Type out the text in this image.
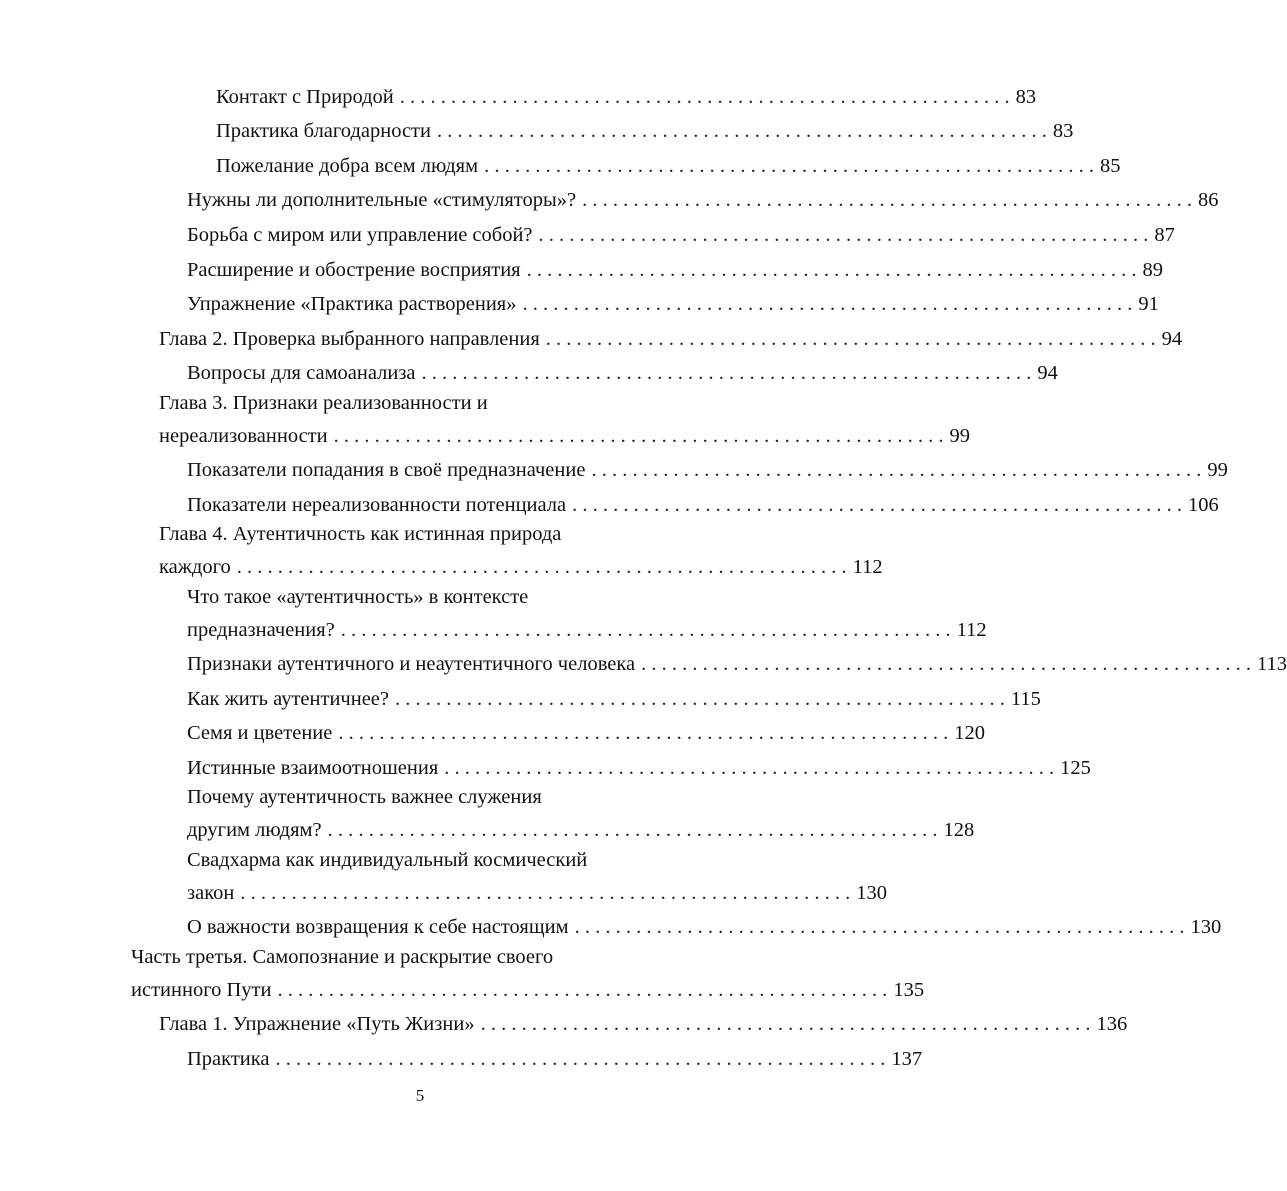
Контакт с Природой . . . . . . . . . . . . . . . . . . . . . . . . . . . . . . . . . . . . . . . . . . . . . . . . . . . . . . . . . . . . 83
Практика благодарности . . . . . . . . . . . . . . . . . . . . . . . . . . . . . . . . . . . . . . . . . . . . . . . . . . . . . . . . . . . . 83
Пожелание добра всем людям . . . . . . . . . . . . . . . . . . . . . . . . . . . . . . . . . . . . . . . . . . . . . . . . . . . . . . . . . . . . 85
Нужны ли дополнительные «стимуляторы»? . . . . . . . . . . . . . . . . . . . . . . . . . . . . . . . . . . . . . . . . . . . . . . . . . . . . . . . . . . . . 86
Борьба с миром или управление собой? . . . . . . . . . . . . . . . . . . . . . . . . . . . . . . . . . . . . . . . . . . . . . . . . . . . . . . . . . . . . 87
Расширение и обострение восприятия . . . . . . . . . . . . . . . . . . . . . . . . . . . . . . . . . . . . . . . . . . . . . . . . . . . . . . . . . . . . 89
Упражнение «Практика растворения» . . . . . . . . . . . . . . . . . . . . . . . . . . . . . . . . . . . . . . . . . . . . . . . . . . . . . . . . . . . . 91
Глава 2. Проверка выбранного направления . . . . . . . . . . . . . . . . . . . . . . . . . . . . . . . . . . . . . . . . . . . . . . . . . . . . . . . . . . . . 94
Вопросы для самоанализа . . . . . . . . . . . . . . . . . . . . . . . . . . . . . . . . . . . . . . . . . . . . . . . . . . . . . . . . . . . . 94
Глава 3. Признаки реализованности и
нереализованности . . . . . . . . . . . . . . . . . . . . . . . . . . . . . . . . . . . . . . . . . . . . . . . . . . . . . . . . . . . . 99
Показатели попадания в своё предназначение . . . . . . . . . . . . . . . . . . . . . . . . . . . . . . . . . . . . . . . . . . . . . . . . . . . . . . . . . . . . 99
Показатели нереализованности потенциала . . . . . . . . . . . . . . . . . . . . . . . . . . . . . . . . . . . . . . . . . . . . . . . . . . . . . . . . . . . . 106
Глава 4. Аутентичность как истинная природа
каждого . . . . . . . . . . . . . . . . . . . . . . . . . . . . . . . . . . . . . . . . . . . . . . . . . . . . . . . . . . . . 112
Что такое «аутентичность» в контексте
предназначения? . . . . . . . . . . . . . . . . . . . . . . . . . . . . . . . . . . . . . . . . . . . . . . . . . . . . . . . . . . . . 112
Признаки аутентичного и неаутентичного человека . . . . . . . . . . . . . . . . . . . . . . . . . . . . . . . . . . . . . . . . . . . . . . . . . . . . . . . . . . . . 113
Как жить аутентичнее? . . . . . . . . . . . . . . . . . . . . . . . . . . . . . . . . . . . . . . . . . . . . . . . . . . . . . . . . . . . . 115
Семя и цветение . . . . . . . . . . . . . . . . . . . . . . . . . . . . . . . . . . . . . . . . . . . . . . . . . . . . . . . . . . . . 120
Истинные взаимоотношения . . . . . . . . . . . . . . . . . . . . . . . . . . . . . . . . . . . . . . . . . . . . . . . . . . . . . . . . . . . . 125
Почему аутентичность важнее служения
другим людям? . . . . . . . . . . . . . . . . . . . . . . . . . . . . . . . . . . . . . . . . . . . . . . . . . . . . . . . . . . . . 128
Свадхарма как индивидуальный космический
закон . . . . . . . . . . . . . . . . . . . . . . . . . . . . . . . . . . . . . . . . . . . . . . . . . . . . . . . . . . . . 130
О важности возвращения к себе настоящим . . . . . . . . . . . . . . . . . . . . . . . . . . . . . . . . . . . . . . . . . . . . . . . . . . . . . . . . . . . . 130
Часть третья. Самопознание и раскрытие своего
истинного Пути . . . . . . . . . . . . . . . . . . . . . . . . . . . . . . . . . . . . . . . . . . . . . . . . . . . . . . . . . . . . 135
Глава 1. Упражнение «Путь Жизни» . . . . . . . . . . . . . . . . . . . . . . . . . . . . . . . . . . . . . . . . . . . . . . . . . . . . . . . . . . . . 136
Практика . . . . . . . . . . . . . . . . . . . . . . . . . . . . . . . . . . . . . . . . . . . . . . . . . . . . . . . . . . . . 137
5
